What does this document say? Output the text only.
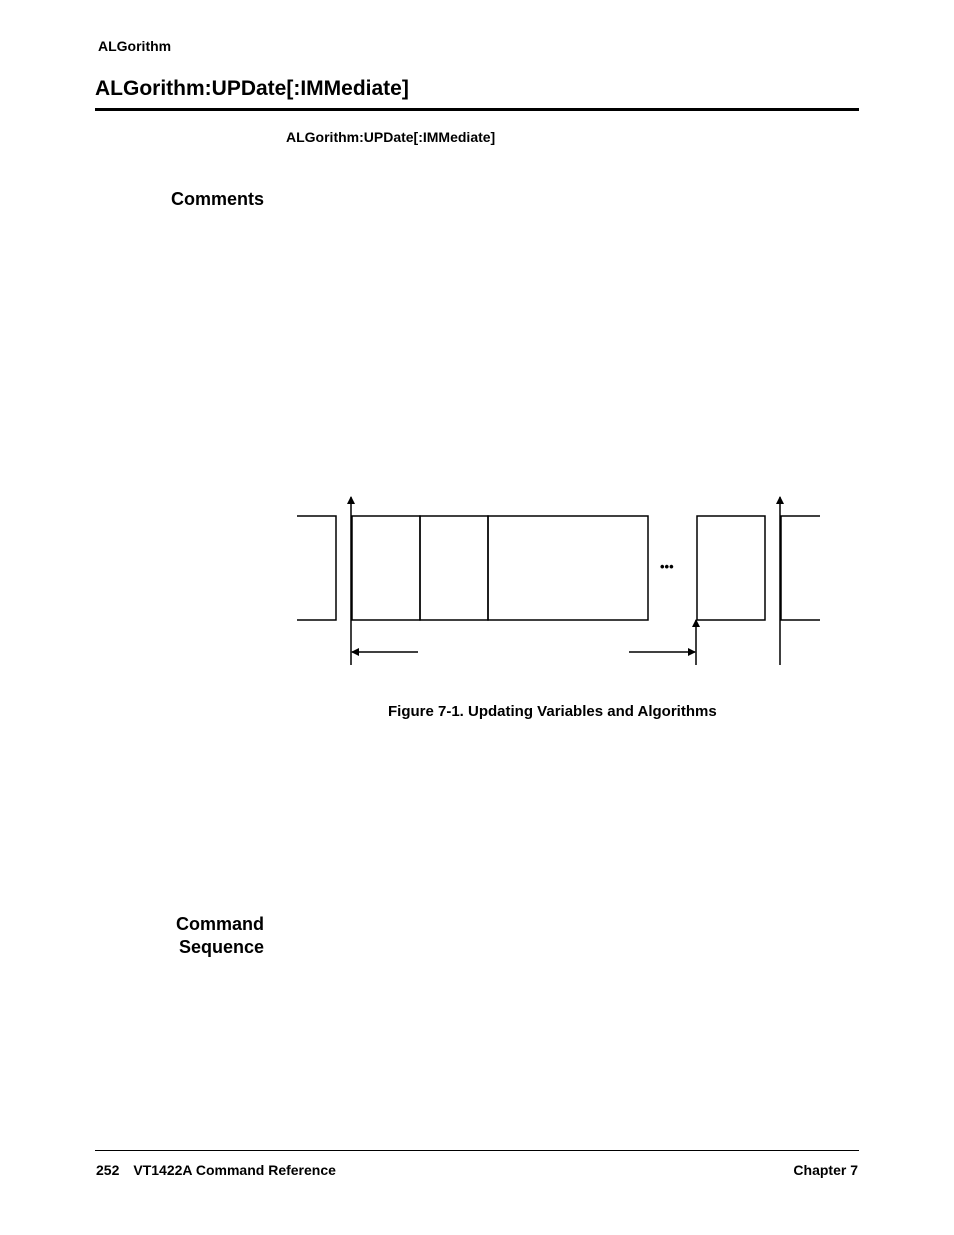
ALGorithm
ALGorithm:UPDate[:IMMediate]
ALGorithm:UPDate[:IMMediate]
Comments
•••
Figure 7-1. Updating Variables and Algorithms
Command
Sequence
252 VT1422A Command Reference	Chapter 7
